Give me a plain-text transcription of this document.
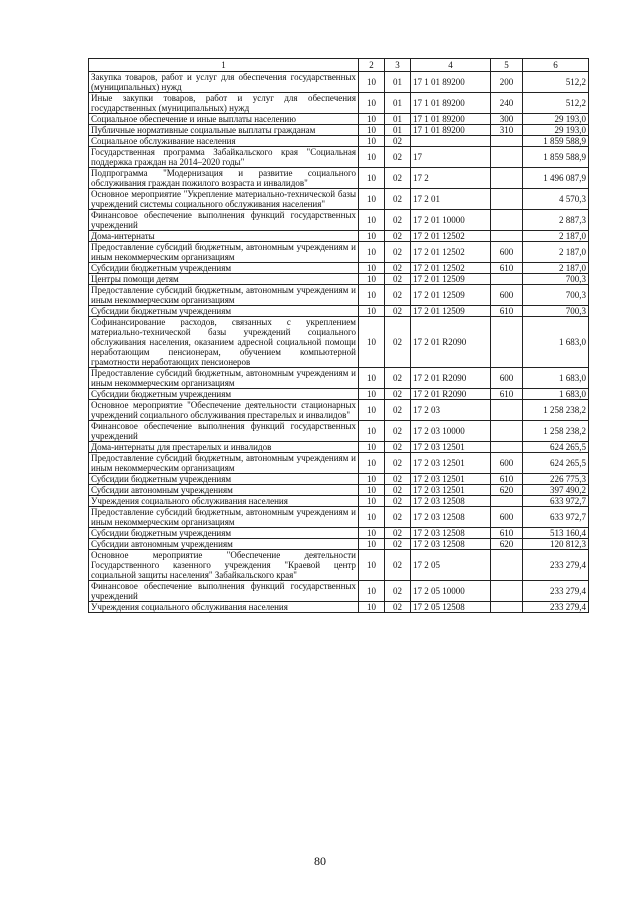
1	2	3	4	5	6
Закупка товаров, работ и услуг для обеспечения государственных (муниципальных) нужд	10	01	17 1 01 89200	200	512,2
Иные закупки товаров, работ и услуг для обеспечения государственных (муниципальных) нужд	10	01	17 1 01 89200	240	512,2
Социальное обеспечение и иные выплаты населению	10	01	17 1 01 89200	300	29 193,0
Публичные нормативные социальные выплаты гражданам	10	01	17 1 01 89200	310	29 193,0
Социальное обслуживание населения	10	02			1 859 588,9
Государственная программа Забайкальского края "Социальная поддержка граждан на 2014–2020 годы"	10	02	17		1 859 588,9
Подпрограмма "Модернизация и развитие социального обслуживания граждан пожилого возраста и инвалидов"	10	02	17 2		1 496 087,9
Основное мероприятие "Укрепление материально-технической базы учреждений системы социального обслуживания населения"	10	02	17 2 01		4 570,3
Финансовое обеспечение выполнения функций государственных учреждений	10	02	17 2 01 10000		2 887,3
Дома-интернаты	10	02	17 2 01 12502		2 187,0
Предоставление субсидий бюджетным, автономным учреждениям и иным некоммерческим организациям	10	02	17 2 01 12502	600	2 187,0
Субсидии бюджетным учреждениям	10	02	17 2 01 12502	610	2 187,0
Центры помощи детям	10	02	17 2 01 12509		700,3
Предоставление субсидий бюджетным, автономным учреждениям и иным некоммерческим организациям	10	02	17 2 01 12509	600	700,3
Субсидии бюджетным учреждениям	10	02	17 2 01 12509	610	700,3
Софинансирование расходов, связанных с укреплением материально-технической базы учреждений социального обслуживания населения, оказанием адресной социальной помощи неработающим пенсионерам, обучением компьютерной грамотности неработающих пенсионеров	10	02	17 2 01 R2090		1 683,0
Предоставление субсидий бюджетным, автономным учреждениям и иным некоммерческим организациям	10	02	17 2 01 R2090	600	1 683,0
Субсидии бюджетным учреждениям	10	02	17 2 01 R2090	610	1 683,0
Основное мероприятие "Обеспечение деятельности стационарных учреждений социального обслуживания престарелых и инвалидов"	10	02	17 2 03		1 258 238,2
Финансовое обеспечение выполнения функций государственных учреждений	10	02	17 2 03 10000		1 258 238,2
Дома-интернаты для престарелых и инвалидов	10	02	17 2 03 12501		624 265,5
Предоставление субсидий бюджетным, автономным учреждениям и иным некоммерческим организациям	10	02	17 2 03 12501	600	624 265,5
Субсидии бюджетным учреждениям	10	02	17 2 03 12501	610	226 775,3
Субсидии автономным учреждениям	10	02	17 2 03 12501	620	397 490,2
Учреждения социального обслуживания населения	10	02	17 2 03 12508		633 972,7
Предоставление субсидий бюджетным, автономным учреждениям и иным некоммерческим организациям	10	02	17 2 03 12508	600	633 972,7
Субсидии бюджетным учреждениям	10	02	17 2 03 12508	610	513 160,4
Субсидии автономным учреждениям	10	02	17 2 03 12508	620	120 812,3
Основное мероприятие "Обеспечение деятельности Государственного казенного учреждения "Краевой центр социальной защиты населения" Забайкальского края"	10	02	17 2 05		233 279,4
Финансовое обеспечение выполнения функций государственных учреждений	10	02	17 2 05 10000		233 279,4
Учреждения социального обслуживания населения	10	02	17 2 05 12508		233 279,4
80
